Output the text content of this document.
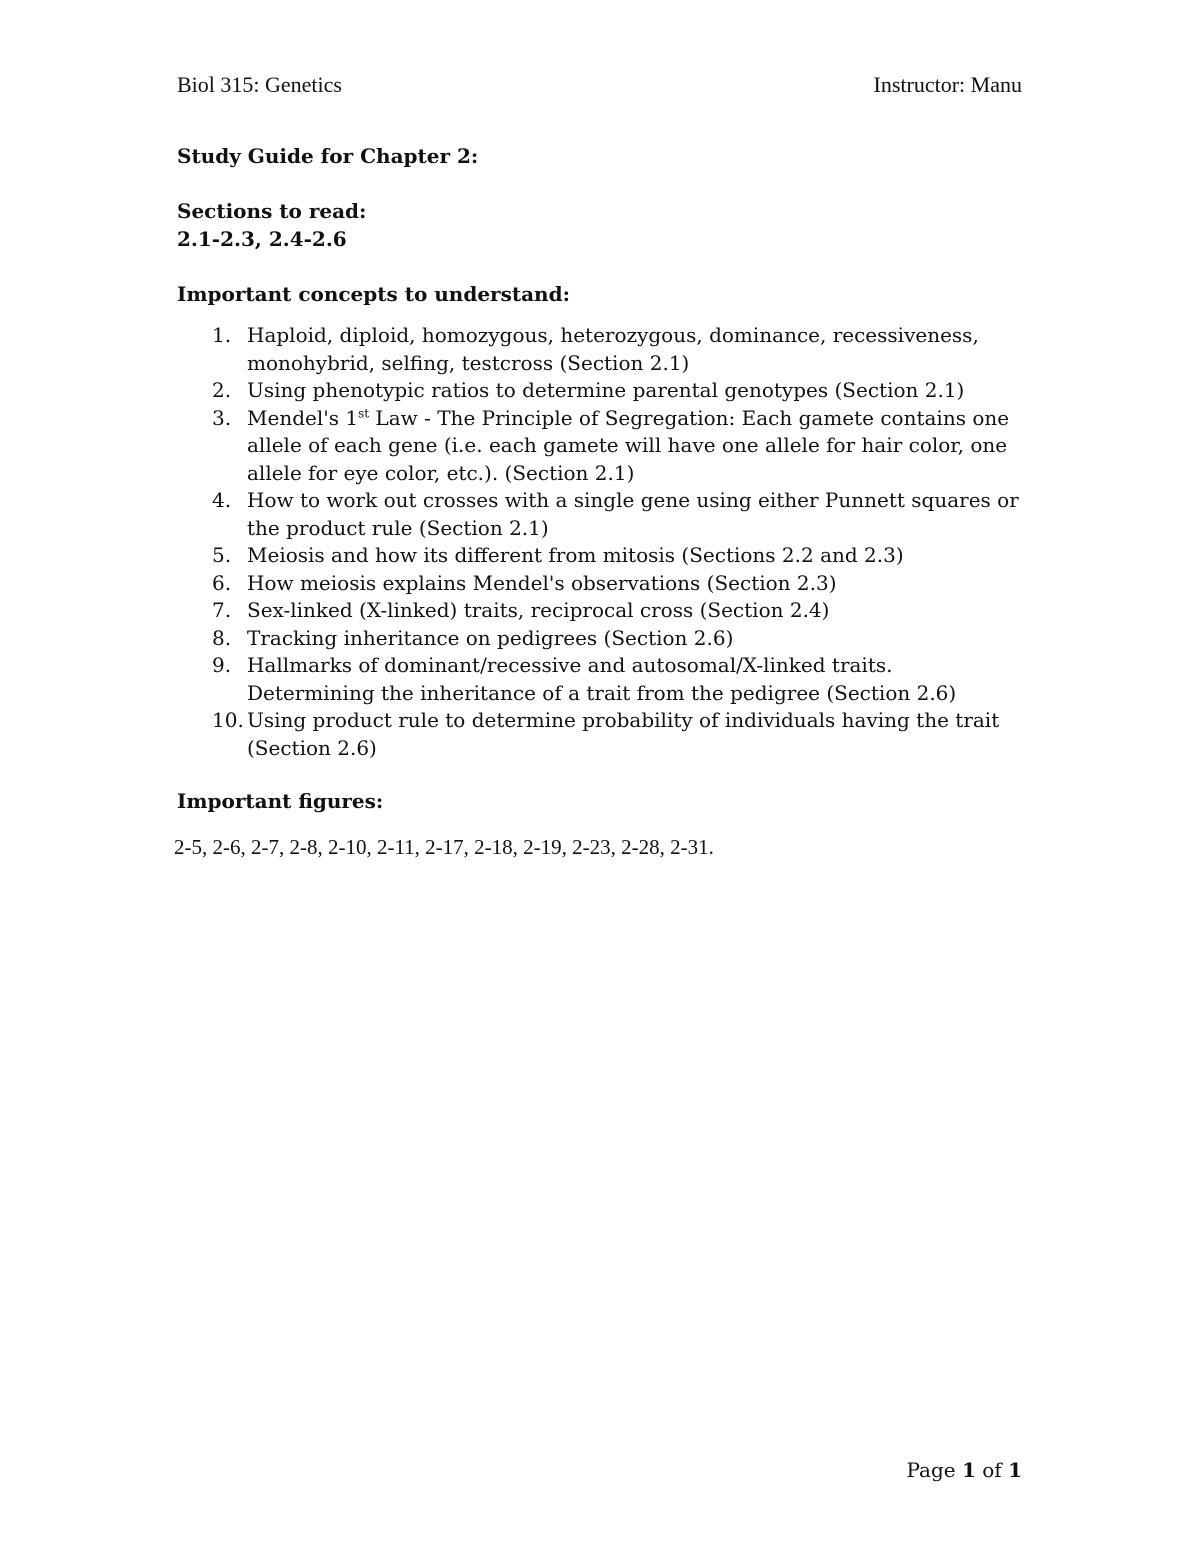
Biol 315: Genetics	Instructor: Manu
Study Guide for Chapter 2:
Sections to read:
2.1-2.3, 2.4-2.6
Important concepts to understand:
1. Haploid, diploid, homozygous, heterozygous, dominance, recessiveness,
monohybrid, selfing, testcross (Section 2.1)
2. Using phenotypic ratios to determine parental genotypes (Section 2.1)
3. Mendel's 1st Law - The Principle of Segregation: Each gamete contains one
allele of each gene (i.e. each gamete will have one allele for hair color, one
allele for eye color, etc.). (Section 2.1)
4. How to work out crosses with a single gene using either Punnett squares or
the product rule (Section 2.1)
5. Meiosis and how its different from mitosis (Sections 2.2 and 2.3)
6. How meiosis explains Mendel's observations (Section 2.3)
7. Sex-linked (X-linked) traits, reciprocal cross (Section 2.4)
8. Tracking inheritance on pedigrees (Section 2.6)
9. Hallmarks of dominant/recessive and autosomal/X-linked traits.
Determining the inheritance of a trait from the pedigree (Section 2.6)
10. Using product rule to determine probability of individuals having the trait
(Section 2.6)
Important figures:
2-5, 2-6, 2-7, 2-8, 2-10, 2-11, 2-17, 2-18, 2-19, 2-23, 2-28, 2-31.
Page 1 of 1
